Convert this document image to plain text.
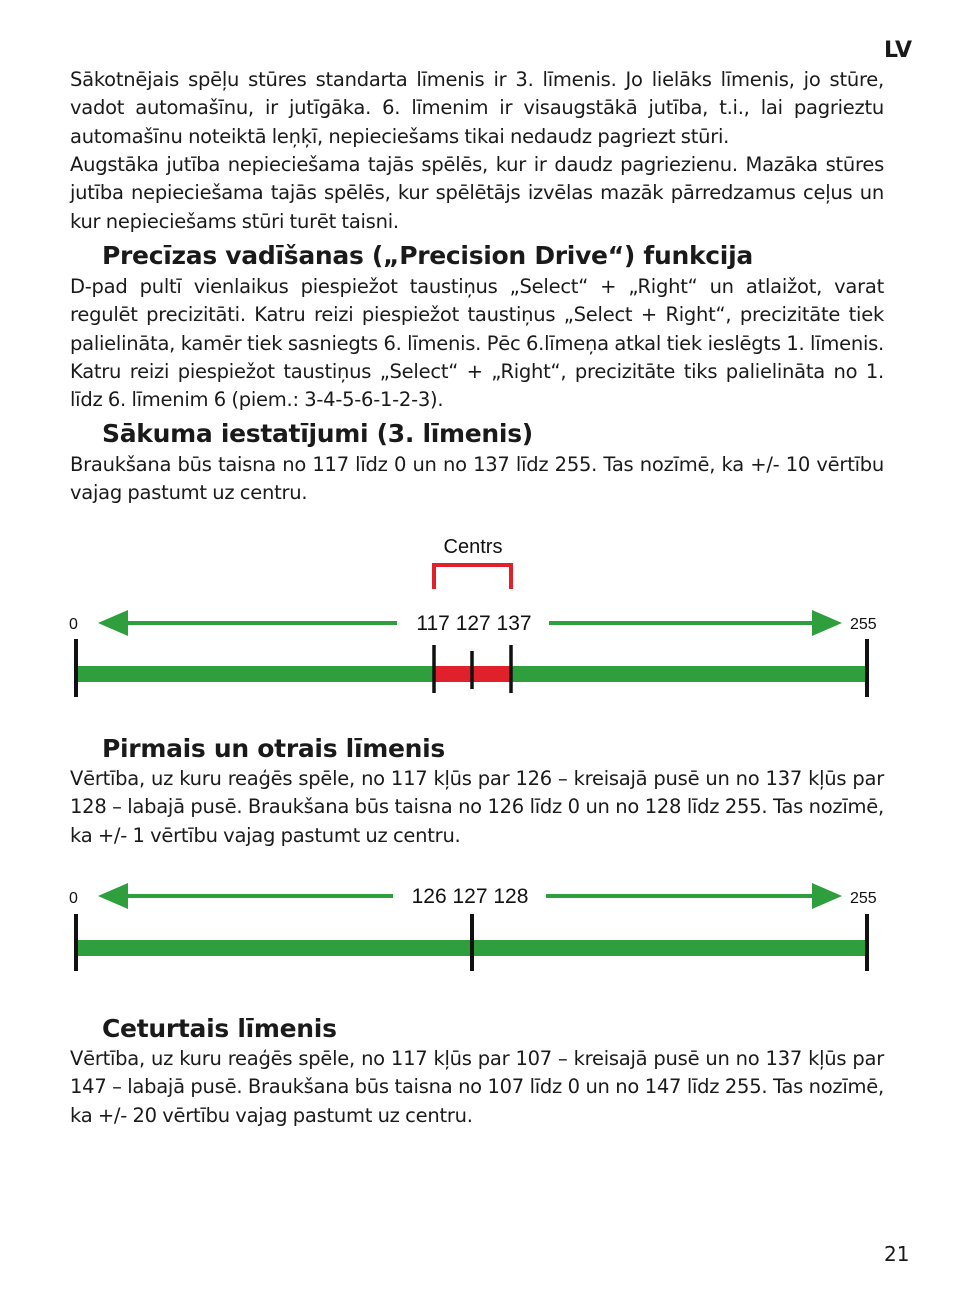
LV

Sākotnējais spēļu stūres standarta līmenis ir 3. līmenis. Jo lielāks līmenis, jo stūre, vadot automašīnu, ir jutīgāka. 6. līmenim ir visaugstākā jutība, t.i., lai pagrieztu automašīnu noteiktā leņķī, nepieciešams tikai nedaudz pagriezt stūri.

Augstāka jutība nepieciešama tajās spēlēs, kur ir daudz pagriezienu. Mazāka stūres jutība nepieciešama tajās spēlēs, kur spēlētājs izvēlas mazāk pārredzamus ceļus un kur nepieciešams stūri turēt taisni.

Precīzas vadīšanas („Precision Drive“) funkcija

D-pad pultī vienlaikus piespiežot taustiņus „Select“ + „Right“ un atlaižot, varat regulēt precizitāti. Katru reizi piespiežot taustiņus „Select + Right“, precizitāte tiek palielināta, kamēr tiek sasniegts 6. līmenis. Pēc 6.līmeņa atkal tiek ieslēgts 1. līmenis. Katru reizi piespiežot taustiņus „Select“ + „Right“, precizitāte tiks palielināta no 1. līdz 6. līmenim 6 (piem.: 3-4-5-6-1-2-3).

Sākuma iestatījumi (3. līmenis)

Braukšana būs taisna no 117 līdz 0 un no 137 līdz 255. Tas nozīmē, ka +/- 10 vērtību vajag pastumt uz centru.

Centrs
0	255
117 127 137
Pirmais un otrais līmenis

Vērtība, uz kuru reaģēs spēle, no 117 kļūs par 126 – kreisajā pusē un no 137 kļūs par 128 – labajā pusē. Braukšana būs taisna no 126 līdz 0 un no 128 līdz 255. Tas nozīmē, ka +/- 1 vērtību vajag pastumt uz centru.

0	255
126 127 128
Ceturtais līmenis

Vērtība, uz kuru reaģēs spēle, no 117 kļūs par 107 – kreisajā pusē un no 137 kļūs par 147 – labajā pusē. Braukšana būs taisna no 107 līdz 0 un no 147 līdz 255. Tas nozīmē, ka +/- 20 vērtību vajag pastumt uz centru.

21
